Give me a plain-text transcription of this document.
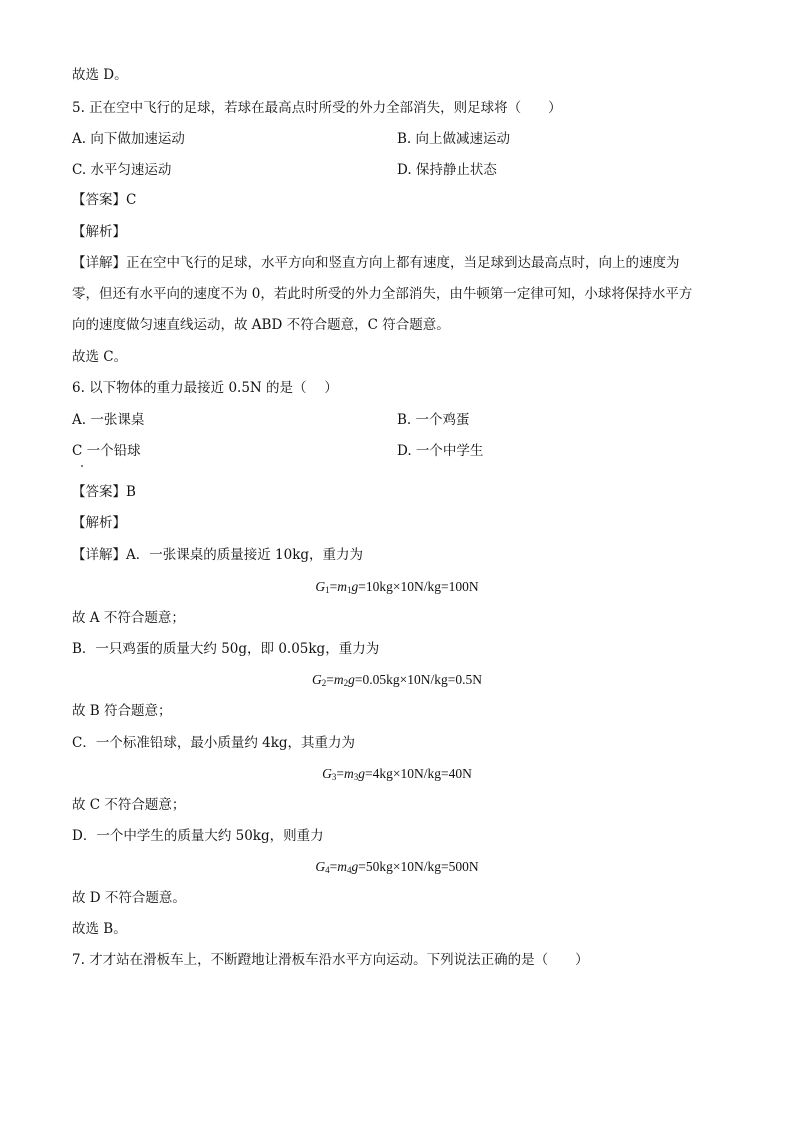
故选 D。
5. 正在空中飞行的足球，若球在最高点时所受的外力全部消失，则足球将（　　）
A. 向下做加速运动	B. 向上做减速运动
C. 水平匀速运动	D. 保持静止状态
【答案】C
【解析】
【详解】正在空中飞行的足球，水平方向和竖直方向上都有速度，当足球到达最高点时，向上的速度为
零，但还有水平向的速度不为 0，若此时所受的外力全部消失，由牛顿第一定律可知，小球将保持水平方
向的速度做匀速直线运动，故 ABD 不符合题意，C 符合题意。
故选 C。
6. 以下物体的重力最接近 0.5N 的是（　 ）
A. 一张课桌	B. 一个鸡蛋
C 一个铅球	D. 一个中学生
【答案】B
【解析】
【详解】A．一张课桌的质量接近 10kg，重力为
$G_1=m_1g=10kg\times 10N/kg=100N$
故 A 不符合题意；
B．一只鸡蛋的质量大约 50g，即 0.05kg，重力为
$G_2=m_2g=0.05kg\times 10N/kg=0.5N$
故 B 符合题意；
C．一个标准铅球，最小质量约 4kg，其重力为
$G_3=m_3g=4kg\times 10N/kg=40N$
故 C 不符合题意；
D．一个中学生的质量大约 50kg，则重力
$G_4=m_4g=50kg\times 10N/kg=500N$
故 D 不符合题意。
故选 B。
7. 才才站在滑板车上，不断蹬地让滑板车沿水平方向运动。下列说法正确的是（　　）
